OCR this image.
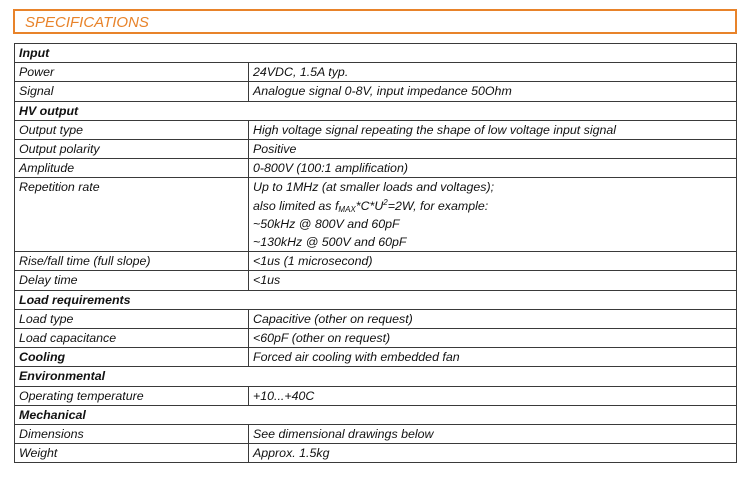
SPECIFICATIONS
Input	
Power	24VDC, 1.5A typ.
Signal	Analogue signal 0-8V, input impedance 50Ohm
HV output	
Output type	High voltage signal repeating the shape of low voltage input signal
Output polarity	Positive
Amplitude	0-800V (100:1 amplification)
Repetition rate	Up to 1MHz (at smaller loads and voltages);
also limited as $f_{MAX}*C*U^2=2W$, for example:
~50kHz @ 800V and 60pF
~130kHz @ 500V and 60pF

Rise/fall time (full slope)	<1us (1 microsecond)
Delay time	<1us
Load requirements	
Load type	Capacitive (other on request)
Load capacitance	<60pF (other on request)
Cooling	Forced air cooling with embedded fan
Environmental	
Operating temperature	+10...+40C
Mechanical	
Dimensions	See dimensional drawings below
Weight	Approx. 1.5kg
